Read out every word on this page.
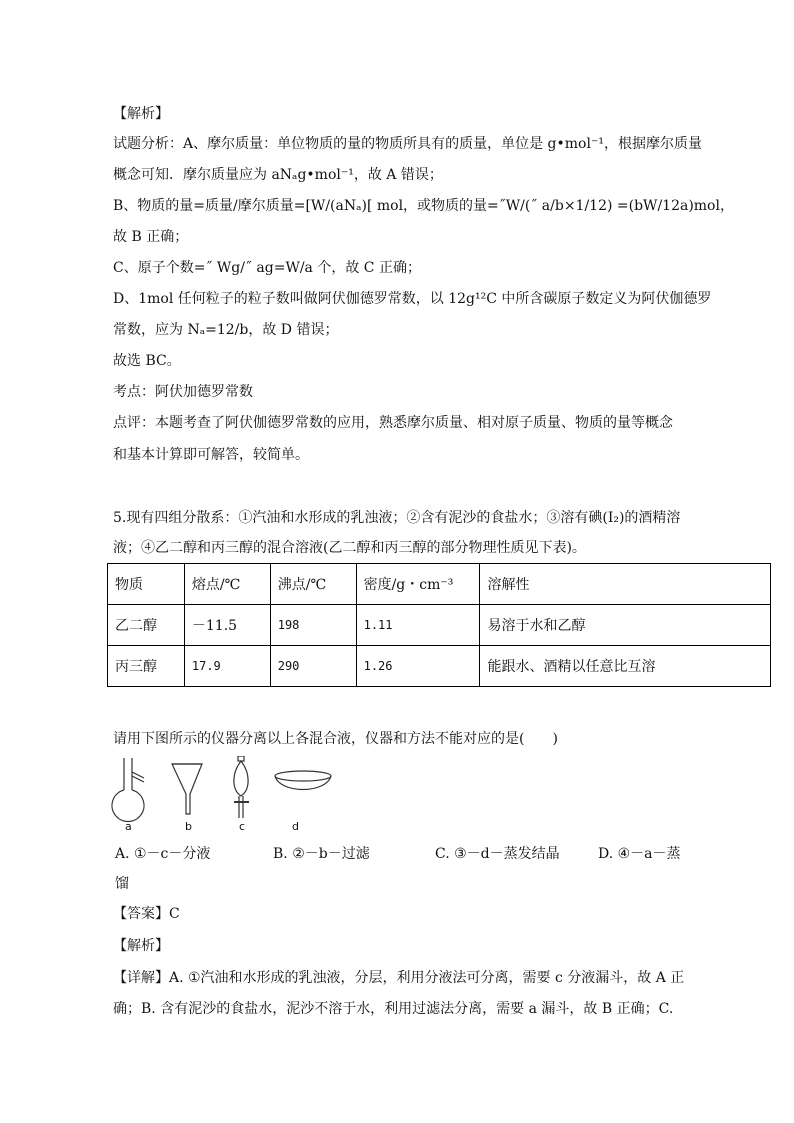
【解析】
试题分析：A、摩尔质量：单位物质的量的物质所具有的质量，单位是 g•mol⁻¹，根据摩尔质量
概念可知．摩尔质量应为 aNₐg•mol⁻¹，故 A 错误；
B、物质的量=质量/摩尔质量=[W/(aNₐ)[ mol，或物质的量=˝W/(˝ a/b×1/12) =(bW/12a)mol，
故 B 正确；
C、原子个数=˝ Wg/˝ ag=W/a 个，故 C 正确；
D、1mol 任何粒子的粒子数叫做阿伏伽德罗常数，以 12g¹²C 中所含碳原子数定义为阿伏伽德罗
常数，应为 Nₐ=12/b，故 D 错误；
故选 BC。
考点：阿伏加德罗常数
点评：本题考查了阿伏伽德罗常数的应用，熟悉摩尔质量、相对原子质量、物质的量等概念
和基本计算即可解答，较简单。
5.现有四组分散系：①汽油和水形成的乳浊液；②含有泥沙的食盐水；③溶有碘(I₂)的酒精溶
液；④乙二醇和丙三醇的混合溶液(乙二醇和丙三醇的部分物理性质见下表)。
物质	熔点/℃	沸点/℃	密度/g・cm⁻³	溶解性
乙二醇	－11.5	198	1.11	易溶于水和乙醇
丙三醇	17.9	290	1.26	能跟水、酒精以任意比互溶
请用下图所示的仪器分离以上各混合液，仪器和方法不能对应的是(　　)
a	b	c	d
A. ①－c－分液	B. ②－b－过滤	C. ③－d－蒸发结晶	D. ④－a－蒸
馏
【答案】C
【解析】
【详解】A. ①汽油和水形成的乳浊液，分层，利用分液法可分离，需要 c 分液漏斗，故 A 正
确；B. 含有泥沙的食盐水，泥沙不溶于水，利用过滤法分离，需要 a 漏斗，故 B 正确；C.
